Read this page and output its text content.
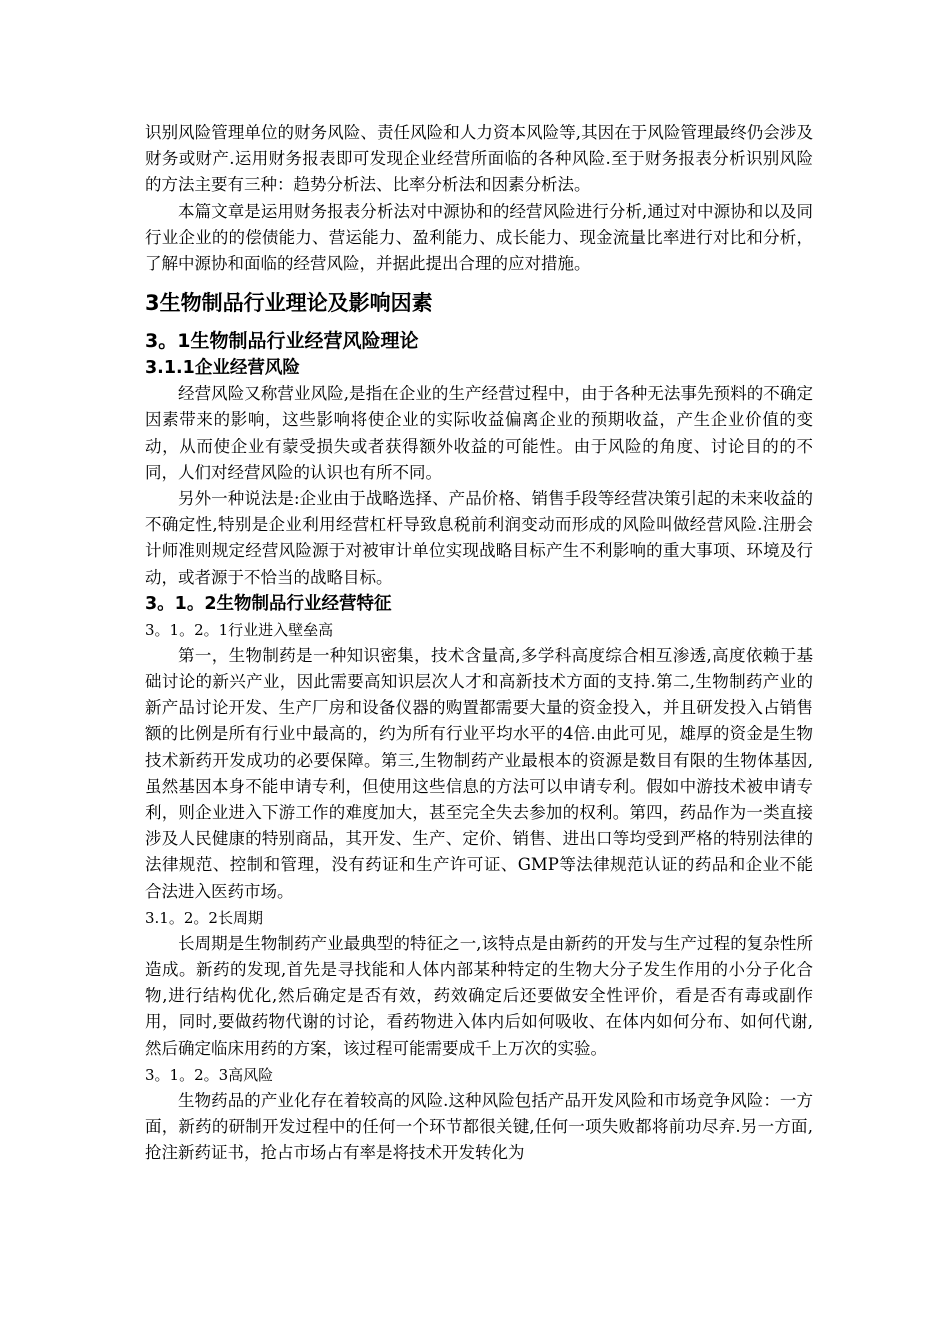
识别风险管理单位的财务风险、责任风险和人力资本风险等,其因在于风险管理最终仍会涉及财务或财产.运用财务报表即可发现企业经营所面临的各种风险.至于财务报表分析识别风险的方法主要有三种：趋势分析法、比率分析法和因素分析法。

本篇文章是运用财务报表分析法对中源协和的经营风险进行分析,通过对中源协和以及同行业企业的的偿债能力、营运能力、盈利能力、成长能力、现金流量比率进行对比和分析，了解中源协和面临的经营风险，并据此提出合理的应对措施。

3生物制品行业理论及影响因素
3。1生物制品行业经营风险理论
3.1.1企业经营风险

经营风险又称营业风险,是指在企业的生产经营过程中，由于各种无法事先预料的不确定因素带来的影响，这些影响将使企业的实际收益偏离企业的预期收益，产生企业价值的变动，从而使企业有蒙受损失或者获得额外收益的可能性。由于风险的角度、讨论目的的不同，人们对经营风险的认识也有所不同。

另外一种说法是:企业由于战略选择、产品价格、销售手段等经营决策引起的未来收益的不确定性,特别是企业利用经营杠杆导致息税前利润变动而形成的风险叫做经营风险.注册会计师准则规定经营风险源于对被审计单位实现战略目标产生不利影响的重大事项、环境及行动，或者源于不恰当的战略目标。

3。1。2生物制品行业经营特征
3。1。2。1行业进入壁垒高

第一，生物制药是一种知识密集，技术含量高,多学科高度综合相互渗透,高度依赖于基础讨论的新兴产业，因此需要高知识层次人才和高新技术方面的支持.第二,生物制药产业的新产品讨论开发、生产厂房和设备仪器的购置都需要大量的资金投入，并且研发投入占销售额的比例是所有行业中最高的，约为所有行业平均水平的4倍.由此可见，雄厚的资金是生物技术新药开发成功的必要保障。第三,生物制药产业最根本的资源是数目有限的生物体基因,虽然基因本身不能申请专利，但使用这些信息的方法可以申请专利。假如中游技术被申请专利，则企业进入下游工作的难度加大，甚至完全失去参加的权利。第四，药品作为一类直接涉及人民健康的特别商品，其开发、生产、定价、销售、进出口等均受到严格的特别法律的法律规范、控制和管理，没有药证和生产许可证、GMP等法律规范认证的药品和企业不能合法进入医药市场。

3.1。2。2长周期

长周期是生物制药产业最典型的特征之一,该特点是由新药的开发与生产过程的复杂性所造成。新药的发现,首先是寻找能和人体内部某种特定的生物大分子发生作用的小分子化合物,进行结构优化,然后确定是否有效，药效确定后还要做安全性评价，看是否有毒或副作用，同时,要做药物代谢的讨论，看药物进入体内后如何吸收、在体内如何分布、如何代谢,然后确定临床用药的方案，该过程可能需要成千上万次的实验。

3。1。2。3高风险

生物药品的产业化存在着较高的风险.这种风险包括产品开发风险和市场竞争风险：一方面，新药的研制开发过程中的任何一个环节都很关键,任何一项失败都将前功尽弃.另一方面,抢注新药证书，抢占市场占有率是将技术开发转化为
